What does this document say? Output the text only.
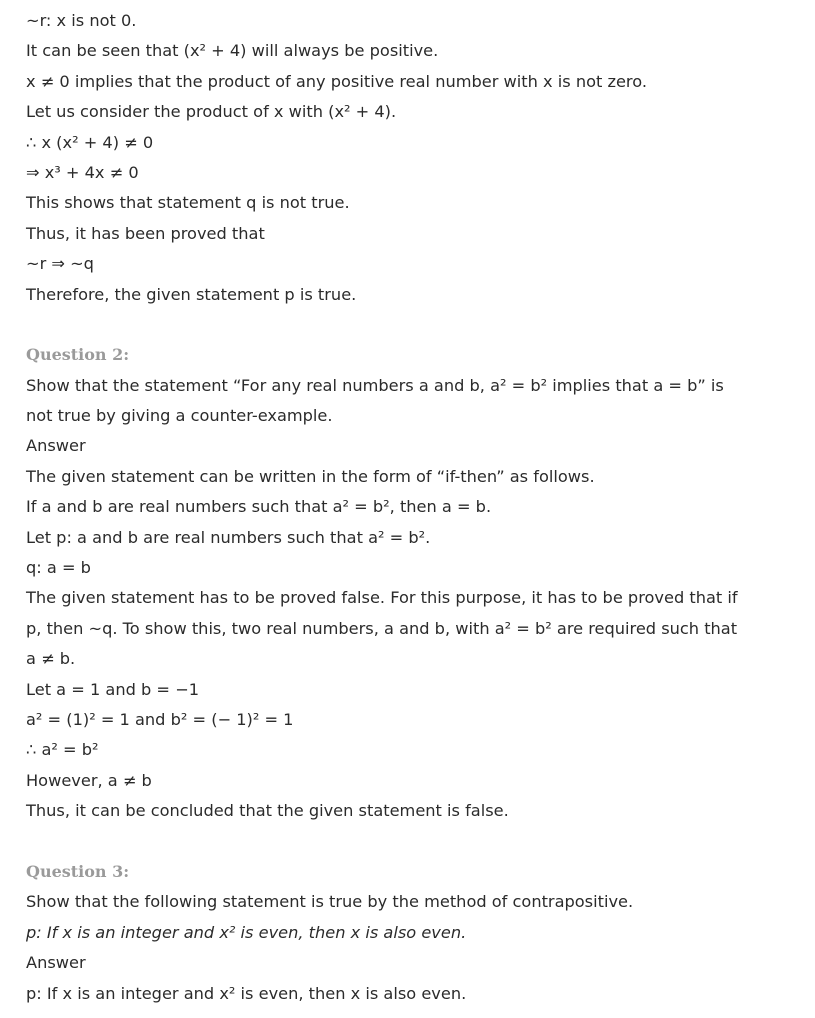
~r: x is not 0.
It can be seen that (x² + 4) will always be positive.
x ≠ 0 implies that the product of any positive real number with x is not zero.
Let us consider the product of x with (x² + 4).
∴ x (x² + 4) ≠ 0
⇒ x³ + 4x ≠ 0
This shows that statement q is not true.
Thus, it has been proved that
~r ⇒ ~q
Therefore, the given statement p is true.
Question 2:
Show that the statement “For any real numbers a and b, a² = b² implies that a = b” is
not true by giving a counter-example.
Answer
The given statement can be written in the form of “if-then” as follows.
If a and b are real numbers such that a² = b², then a = b.
Let p: a and b are real numbers such that a² = b².
q: a = b
The given statement has to be proved false. For this purpose, it has to be proved that if
p, then ~q. To show this, two real numbers, a and b, with a² = b² are required such that
a ≠ b.
Let a = 1 and b = −1
a² = (1)² = 1 and b² = (− 1)² = 1
∴ a² = b²
However, a ≠ b
Thus, it can be concluded that the given statement is false.
Question 3:
Show that the following statement is true by the method of contrapositive.
p: If x is an integer and x² is even, then x is also even.
Answer
p: If x is an integer and x² is even, then x is also even.
